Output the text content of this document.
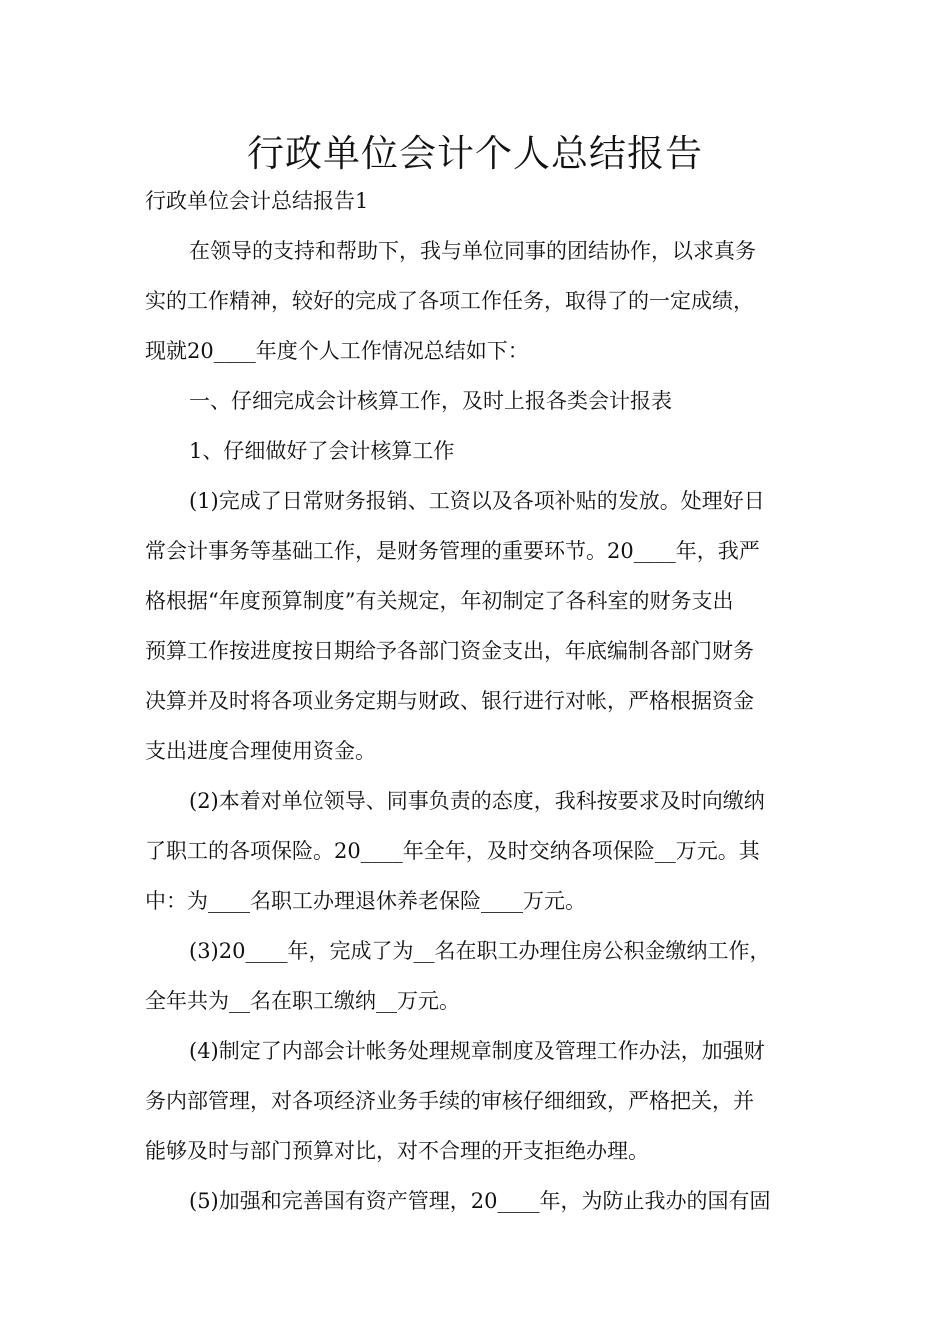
行政单位会计个人总结报告
行政单位会计总结报告1

在领导的支持和帮助下，我与单位同事的团结协作，以求真务
实的工作精神，较好的完成了各项工作任务，取得了的一定成绩，
现就20____年度个人工作情况总结如下：

一、仔细完成会计核算工作，及时上报各类会计报表

1、仔细做好了会计核算工作

(1)完成了日常财务报销、工资以及各项补贴的发放。处理好日
常会计事务等基础工作，是财务管理的重要环节。20____年，我严
格根据“年度预算制度”有关规定，年初制定了各科室的财务支出
预算工作按进度按日期给予各部门资金支出，年底编制各部门财务
决算并及时将各项业务定期与财政、银行进行对帐，严格根据资金
支出进度合理使用资金。

(2)本着对单位领导、同事负责的态度，我科按要求及时向缴纳
了职工的各项保险。20____年全年，及时交纳各项保险__万元。其
中：为____名职工办理退休养老保险____万元。

(3)20____年，完成了为__名在职工办理住房公积金缴纳工作，
全年共为__名在职工缴纳__万元。

(4)制定了内部会计帐务处理规章制度及管理工作办法，加强财
务内部管理，对各项经济业务手续的审核仔细细致，严格把关，并
能够及时与部门预算对比，对不合理的开支拒绝办理。

(5)加强和完善国有资产管理，20____年，为防止我办的国有固
